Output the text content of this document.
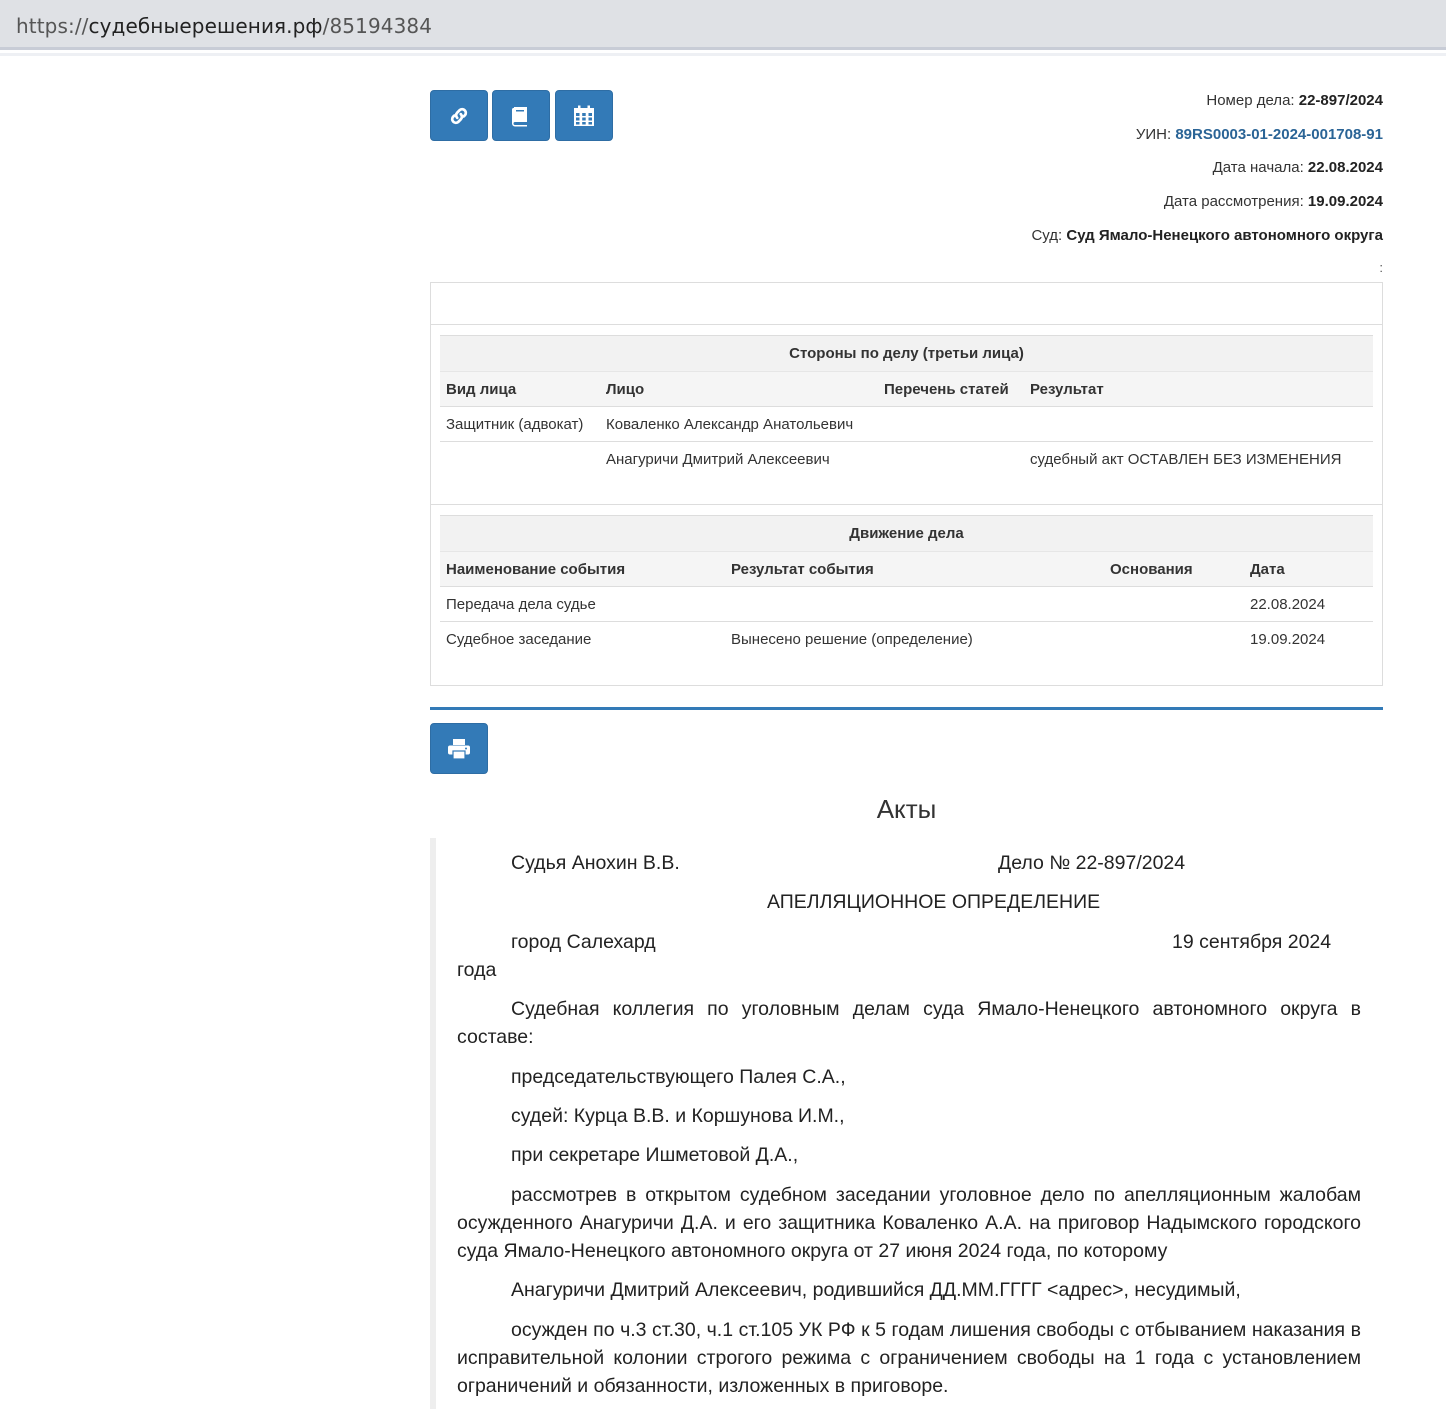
https://судебныерешения.рф/85194384
Номер дела: 22-897/2024
УИН: 89RS0003-01-2024-001708-91
Дата начала: 22.08.2024
Дата рассмотрения: 19.09.2024
Суд: Суд Ямало-Ненецкого автономного округа
:
Стороны по делу (третьи лица)			
Вид лица	Лицо	Перечень статей	Результат
Защитник (адвокат)	Коваленко Александр Анатольевич		
	Анагуричи Дмитрий Алексеевич		судебный акт ОСТАВЛЕН БЕЗ ИЗМЕНЕНИЯ
Движение дела			
Наименование события	Результат события	Основания	Дата
Передача дела судье			22.08.2024
Судебное заседание	Вынесено решение (определение)		19.09.2024
Акты

Судья Анохин В.В.	Дело № 22-897/2024

АПЕЛЛЯЦИОННОЕ ОПРЕДЕЛЕНИЕ

город Салехард	19 сентября 2024

года

Судебная коллегия по уголовным делам суда Ямало-Ненецкого автономного округа в составе:

председательствующего Палея С.А.,

судей: Курца В.В. и Коршунова И.М.,

при секретаре Ишметовой Д.А.,

рассмотрев в открытом судебном заседании уголовное дело по апелляционным жалобам осужденного Анагуричи Д.А. и его защитника Коваленко А.А. на приговор Надымского городского суда Ямало-Ненецкого автономного округа от 27 июня 2024 года, по которому

Анагуричи Дмитрий Алексеевич, родившийся ДД.ММ.ГГГГ <адрес>, несудимый,

осужден по ч.3 ст.30, ч.1 ст.105 УК РФ к 5 годам лишения свободы с отбыванием наказания в исправительной колонии строгого режима с ограничением свободы на 1 года с установлением ограничений и обязанности, изложенных в приговоре.
